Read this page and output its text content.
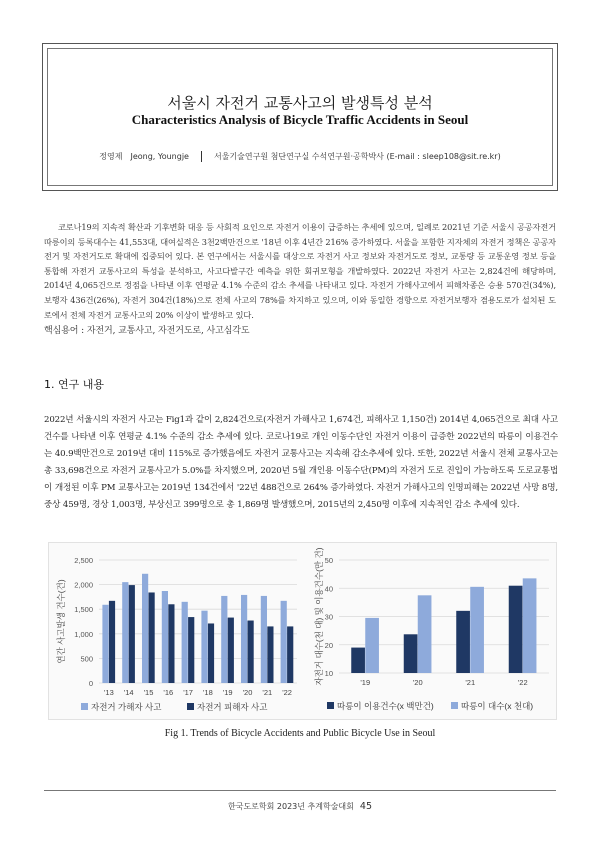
서울시 자전거 교통사고의 발생특성 분석
Characteristics Analysis of Bicycle Traffic Accidents in Seoul
정영제　Jeong, Youngje	서울기술연구원 첨단연구실 수석연구원·공학박사 (E-mail : sleep108@sit.re.kr)

코로나19의 지속적 확산과 기후변화 대응 등 사회적 요인으로 자전거 이용이 급증하는 추세에 있으며, 일례로 2021년 기준 서울시 공공자전거 따릉이의 등록대수는 41,553대, 대여실적은 3천2백만건으로 '18년 이후 4년간 216% 증가하였다. 서울을 포함한 지자체의 자전거 정책은 공공자전거 및 자전거도로 확대에 집중되어 있다. 본 연구에서는 서울시를 대상으로 자전거 사고 정보와 자전거도로 정보, 교통량 등 교통운영 정보 등을 통합해 자전거 교통사고의 특성을 분석하고, 사고다발구간 예측을 위한 회귀모형을 개발하였다. 2022년 자전거 사고는 2,824건에 해당하며, 2014년 4,065건으로 정점을 나타낸 이후 연평균 4.1% 수준의 감소 추세를 나타내고 있다. 자전거 가해사고에서 피해차종은 승용 570건(34%), 보행자 436건(26%), 자전거 304건(18%)으로 전체 사고의 78%를 차지하고 있으며, 이와 동일한 경향으로 자전거보행자 겸용도로가 설치된 도로에서 전체 자전거 교통사고의 20% 이상이 발생하고 있다.

핵심용어 : 자전거, 교통사고, 자전거도로, 사고심각도
1. 연구 내용

2022년 서울시의 자전거 사고는 Fig1과 같이 2,824건으로(자전거 가해사고 1,674건, 피해사고 1,150건) 2014년 4,065건으로 최대 사고건수를 나타낸 이후 연평균 4.1% 수준의 감소 추세에 있다. 코로나19로 개인 이동수단인 자전거 이용이 급증한 2022년의 따릉이 이용건수는 40.9백만건으로 2019년 대비 115%로 증가했음에도 자전거 교통사고는 지속해 감소추세에 있다. 또한, 2022년 서울시 전체 교통사고는 총 33,698건으로 자전거 교통사고가 5.0%를 차지했으며, 2020년 5월 개인용 이동수단(PM)의 자전거 도로 진입이 가능하도록 도로교통법이 개정된 이후 PM 교통사고는 2019년 134건에서 '22년 488건으로 264% 증가하였다. 자전거 가해사고의 인명피해는 2022년 사망 8명, 중상 459명, 경상 1,003명, 부상신고 399명으로 총 1,869명 발생했으며, 2015년의 2,450명 이후에 지속적인 감소 추세에 있다.

0
500
1,000
1,500
2,000
2,500
연간 사고발생 건수(건)
'13 '14 '15 '16 '17 '18 '19 '20 '21 '22
자전거 가해자 사고	자전거 피해자 사고
10
20
30
40
50
자전거 대수(천 대) 및 이용건수(만 건)	'19	'20	'21	'22
따릉이 이용건수(x 백만건)	따릉이 대수(x 천대)
Fig 1. Trends of Bicycle Accidents and Public Bicycle Use in Seoul
한국도로학회 2023년 추계학술대회 45
